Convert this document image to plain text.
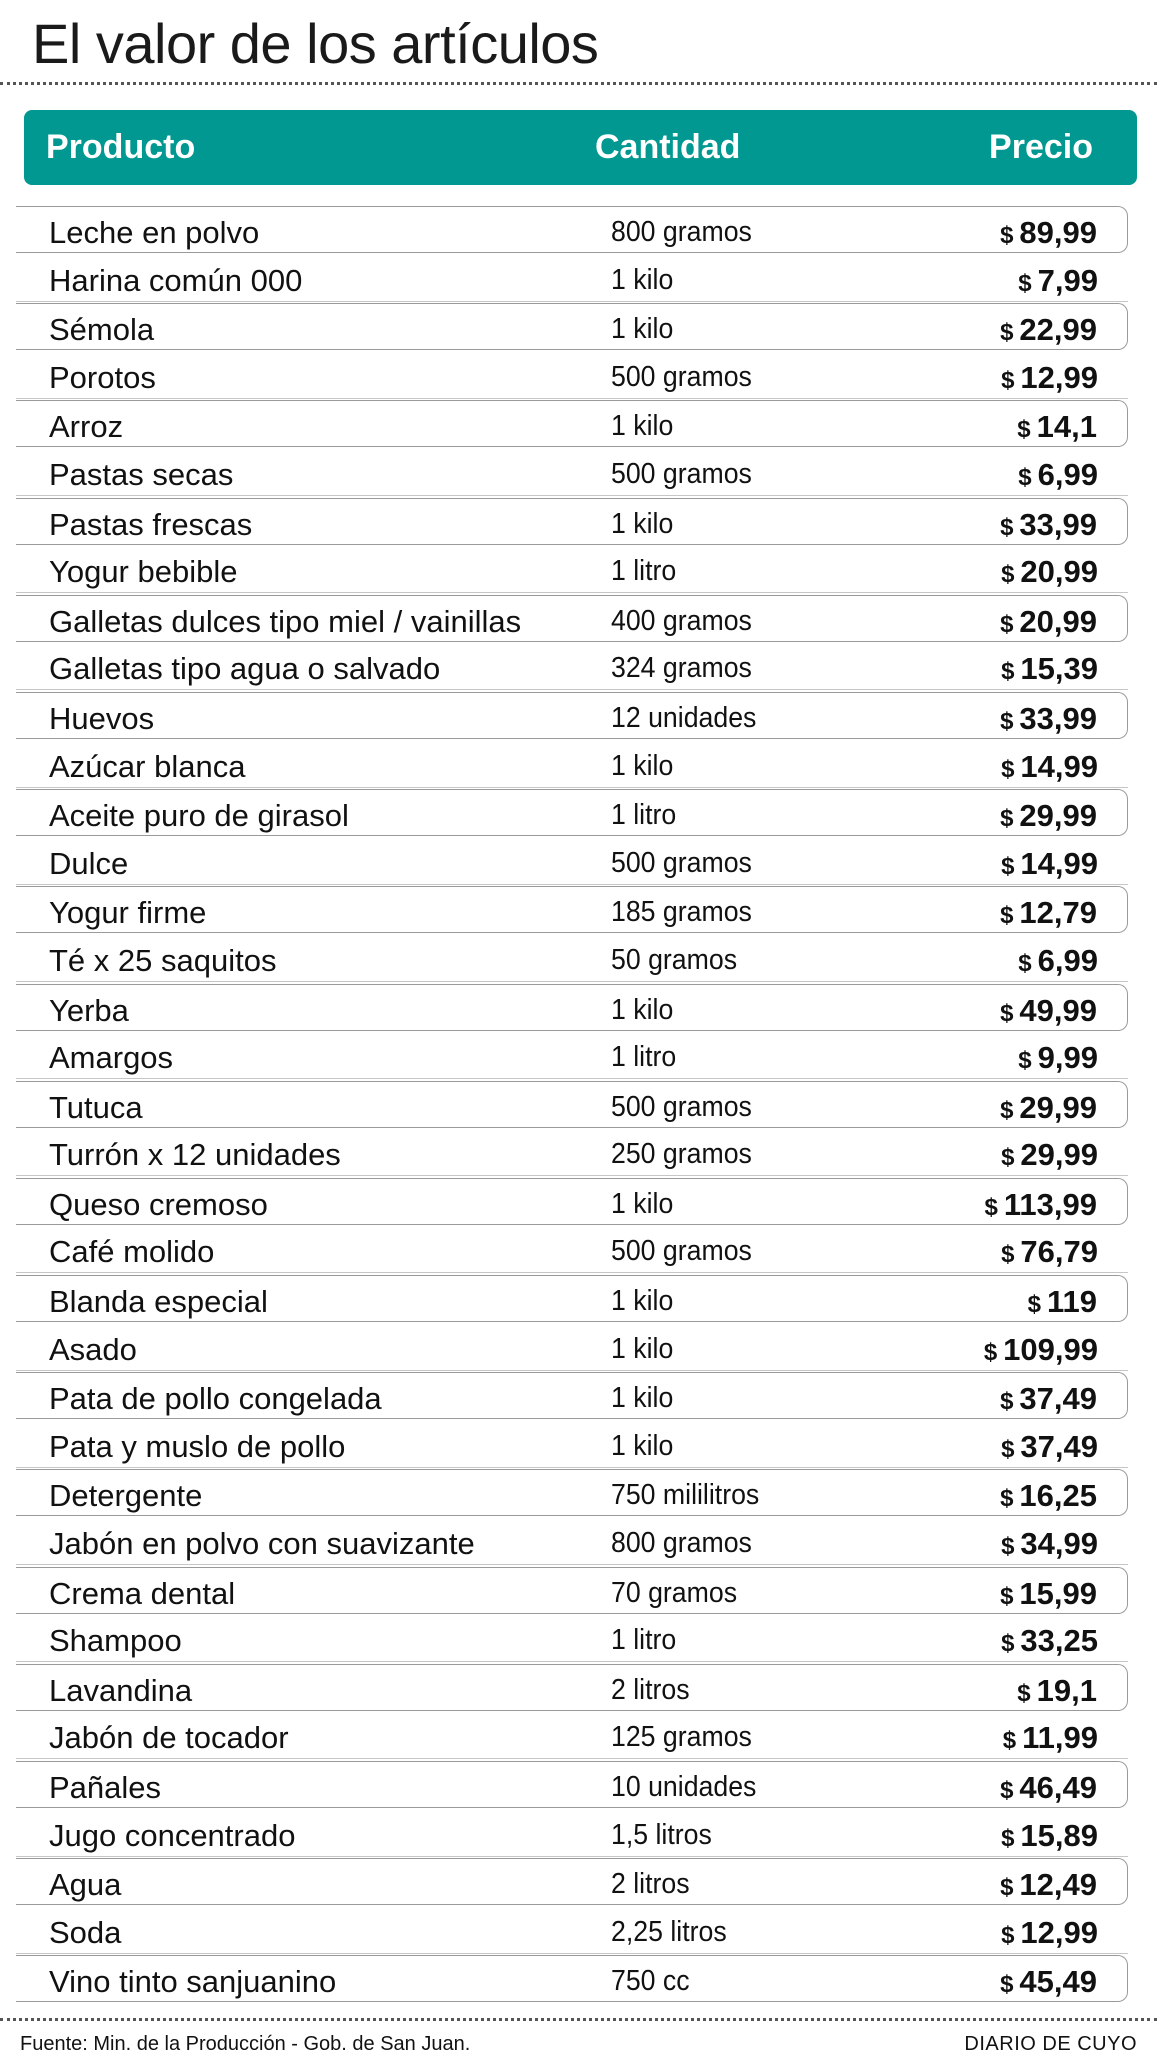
El valor de los artículos
Producto	Cantidad	Precio
Leche en polvo	800 gramos	$ 89,99
Harina común 000	1 kilo	$ 7,99
Sémola	1 kilo	$ 22,99
Porotos	500 gramos	$ 12,99
Arroz	1 kilo	$ 14,1
Pastas secas	500 gramos	$ 6,99
Pastas frescas	1 kilo	$ 33,99
Yogur bebible	1 litro	$ 20,99
Galletas dulces tipo miel / vainillas	400 gramos	$ 20,99
Galletas tipo agua o salvado	324 gramos	$ 15,39
Huevos	12 unidades	$ 33,99
Azúcar blanca	1 kilo	$ 14,99
Aceite puro de girasol	1 litro	$ 29,99
Dulce	500 gramos	$ 14,99
Yogur firme	185 gramos	$ 12,79
Té x 25 saquitos	50 gramos	$ 6,99
Yerba	1 kilo	$ 49,99
Amargos	1 litro	$ 9,99
Tutuca	500 gramos	$ 29,99
Turrón x 12 unidades	250 gramos	$ 29,99
Queso cremoso	1 kilo	$ 113,99
Café molido	500 gramos	$ 76,79
Blanda especial	1 kilo	$ 119
Asado	1 kilo	$ 109,99
Pata de pollo congelada	1 kilo	$ 37,49
Pata y muslo de pollo	1 kilo	$ 37,49
Detergente	750 mililitros	$ 16,25
Jabón en polvo con suavizante	800 gramos	$ 34,99
Crema dental	70 gramos	$ 15,99
Shampoo	1 litro	$ 33,25
Lavandina	2 litros	$ 19,1
Jabón de tocador	125 gramos	$ 11,99
Pañales	10 unidades	$ 46,49
Jugo concentrado	1,5 litros	$ 15,89
Agua	2 litros	$ 12,49
Soda	2,25 litros	$ 12,99
Vino tinto sanjuanino	750 cc	$ 45,49
Fuente: Min. de la Producción - Gob. de San Juan.	DIARIO DE CUYO
